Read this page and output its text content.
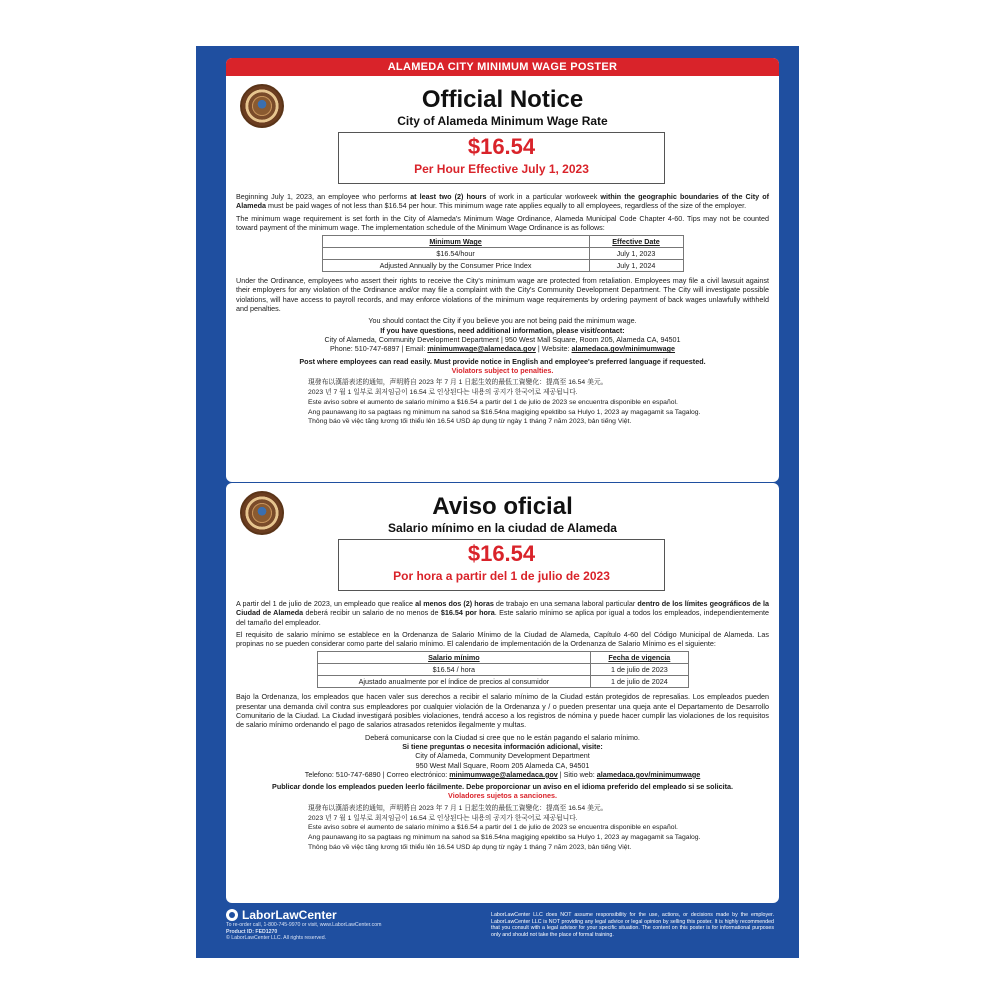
ALAMEDA CITY MINIMUM WAGE POSTER
Official Notice
City of Alameda Minimum Wage Rate
$16.54
Per Hour Effective July 1, 2023

Beginning July 1, 2023, an employee who performs at least two (2) hours of work in a particular workweek within the geographic boundaries of the City of Alameda must be paid wages of not less than $16.54 per hour. This minimum wage rate applies equally to all employees, regardless of the size of the employer.

The minimum wage requirement is set forth in the City of Alameda's Minimum Wage Ordinance, Alameda Municipal Code Chapter 4-60. Tips may not be counted toward payment of the minimum wage. The implementation schedule of the Minimum Wage Ordinance is as follows:

Minimum Wage	Effective Date
$16.54/hour	July 1, 2023
Adjusted Annually by the Consumer Price Index	July 1, 2024

Under the Ordinance, employees who assert their rights to receive the City's minimum wage are protected from retaliation. Employees may file a civil lawsuit against their employers for any violation of the Ordinance and/or may file a complaint with the City's Community Development Department. The City will investigate possible violations, will have access to payroll records, and may enforce violations of the minimum wage requirements by ordering payment of back wages unlawfully withheld and penalties.

You should contact the City if you believe you are not being paid the minimum wage.
If you have questions, need additional information, please visit/contact:
City of Alameda, Community Development Department | 950 West Mall Square, Room 205, Alameda CA, 94501
Phone: 510-747-6897 | Email: minimumwage@alamedaca.gov | Website: alamedaca.gov/minimumwage
Post where employees can read easily. Must provide notice in English and employee's preferred language if requested.
Violators subject to penalties.
現發布以漢語表述的通知，声明將自 2023 年 7 月 1 日起生效的最低工資變化：提高至 16.54 美元。
2023 년 7 월 1 일부로 최저임금이 16.54 로 인상된다는 내용의 공지가 한국어로 제공됩니다.
Este aviso sobre el aumento de salario mínimo a $16.54 a partir del 1 de julio de 2023 se encuentra disponible en español.
Ang paunawang ito sa pagtaas ng minimum na sahod sa $16.54na magiging epektibo sa Hulyo 1, 2023 ay magagamit sa Tagalog.
Thông báo về việc tăng lương tối thiểu lên 16.54 USD áp dụng từ ngày 1 tháng 7 năm 2023, bản tiếng Việt.
Aviso oficial
Salario mínimo en la ciudad de Alameda
$16.54
Por hora a partir del 1 de julio de 2023

A partir del 1 de julio de 2023, un empleado que realice al menos dos (2) horas de trabajo en una semana laboral particular dentro de los límites geográficos de la Ciudad de Alameda deberá recibir un salario de no menos de $16.54 por hora. Este salario mínimo se aplica por igual a todos los empleados, independientemente del tamaño del empleador.

El requisito de salario mínimo se establece en la Ordenanza de Salario Mínimo de la Ciudad de Alameda, Capítulo 4-60 del Código Municipal de Alameda. Las propinas no se pueden considerar como parte del salario mínimo. El calendario de implementación de la Ordenanza de Salario Mínimo es el siguiente:

Salario mínimo	Fecha de vigencia
$16.54 / hora	1 de julio de 2023
Ajustado anualmente por el índice de precios al consumidor	1 de julio de 2024

Bajo la Ordenanza, los empleados que hacen valer sus derechos a recibir el salario mínimo de la Ciudad están protegidos de represalias. Los empleados pueden presentar una demanda civil contra sus empleadores por cualquier violación de la Ordenanza y / o pueden presentar una queja ante el Departamento de Desarrollo Comunitario de la Ciudad. La Ciudad investigará posibles violaciones, tendrá acceso a los registros de nómina y puede hacer cumplir las violaciones de los requisitos de salario mínimo ordenando el pago de salarios atrasados retenidos ilegalmente y multas.

Deberá comunicarse con la Ciudad si cree que no le están pagando el salario mínimo.
Si tiene preguntas o necesita información adicional, visite:
City of Alameda, Community Development Department
950 West Mall Square, Room 205 Alameda CA, 94501
Telefono: 510-747-6890 | Correo electrónico: minimumwage@alamedaca.gov | Sitio web: alamedaca.gov/minimumwage
Publicar donde los empleados pueden leerlo fácilmente. Debe proporcionar un aviso en el idioma preferido del empleado si se solicita.
Violadores sujetos a sanciones.
現發布以漢語表述的通知，声明將自 2023 年 7 月 1 日起生效的最低工資變化：提高至 16.54 美元。
2023 년 7 월 1 일부로 최저임금이 16.54 로 인상된다는 내용의 공지가 한국어로 제공됩니다.
Este aviso sobre el aumento de salario mínimo a $16.54 a partir del 1 de julio de 2023 se encuentra disponible en español.
Ang paunawang ito sa pagtaas ng minimum na sahod sa $16.54na magiging epektibo sa Hulyo 1, 2023 ay magagamit sa Tagalog.
Thông báo về việc tăng lương tối thiểu lên 16.54 USD áp dụng từ ngày 1 tháng 7 năm 2023, bản tiếng Việt.
LaborLawCenter
To re-order call, 1-800-745-9970 or visit, www.LaborLawCenter.com
Product ID: FED1270
© LaborLawCenter LLC. All rights reserved.
LaborLawCenter LLC does NOT assume responsibility for the use, actions, or decisions made by the employer. LaborLawCenter LLC is NOT providing any legal advice or legal opinion by selling this poster. It is highly recommended that you consult with a legal advisor for your specific situation. The content on this poster is for informational purposes only and should not take the place of formal training.
